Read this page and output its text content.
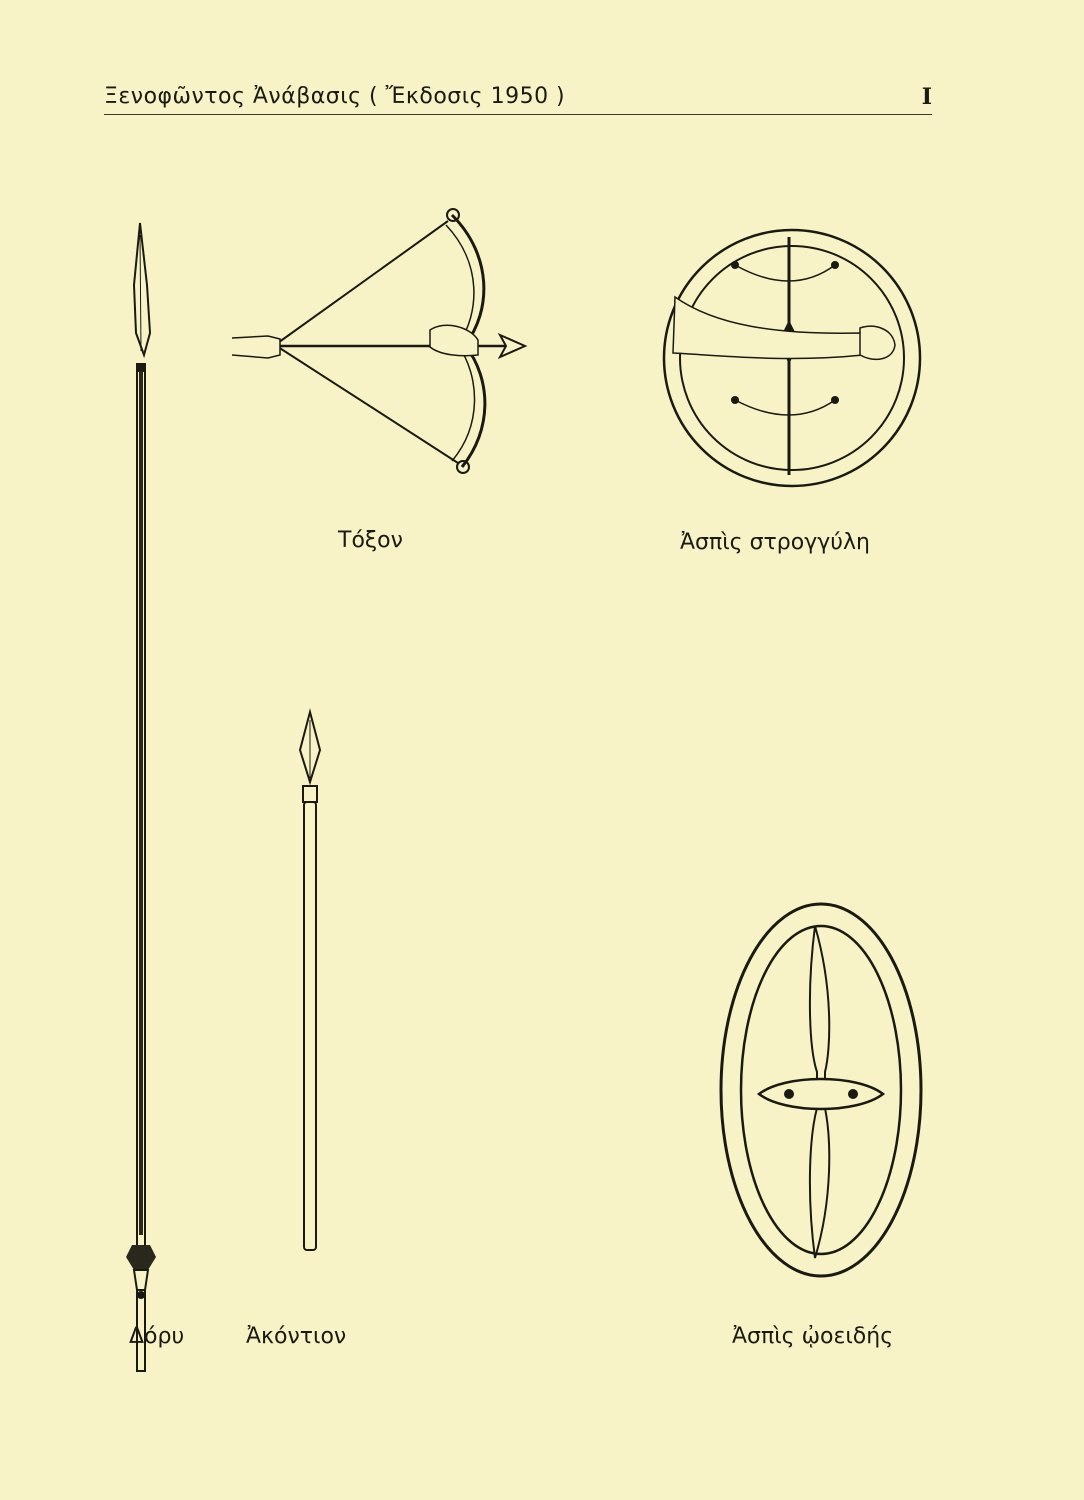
Ξενοφῶντος Ἀνάβασις ( Ἔκδοσις 1950 )	I
Δόρυ	Ἀκόντιον
Τόξον	Ἀσπὶς στρογγύλη
Ἀσπὶς ᾠοειδής
